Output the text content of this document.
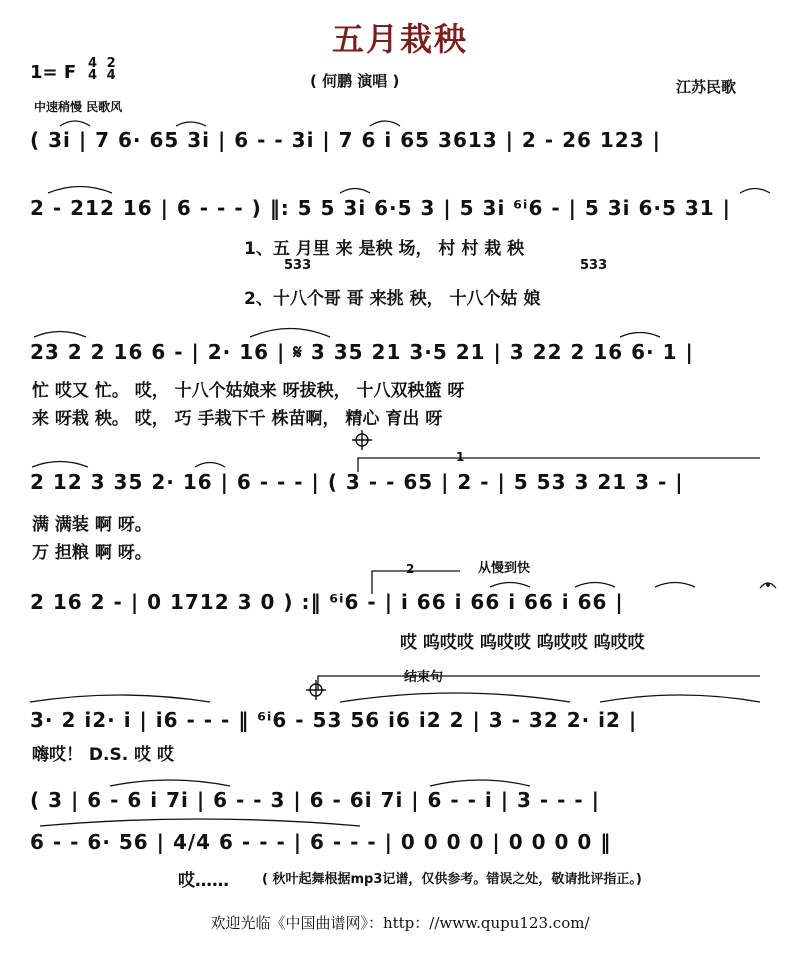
五月栽秧
1= F 4
4

2
4	( 何鹏 演唱 )	江苏民歌
中速稍慢 民歌风
( 3i | 7 6· 65 3i | 6 - - 3i | 7 6 i 65 3613 | 2 - 26 123 |
2 - 212 16 | 6 - - - ) ‖: 5 5 3i 6·5 3 | 5 3i ⁶ⁱ6 - | 5 3i 6·5 31 |
1、五 月里 来 是秧 场， 村 村 栽 秧
533	533
2、十八个哥 哥 来挑 秧， 十八个姑 娘
23 2 2 16 6 - | 2· 16 | 𝄋 3 35 21 3·5 21 | 3 22 2 16 6· 1 |
忙 哎又 忙。 哎， 十八个姑娘来 呀拔秧， 十八双秧篮 呀
来 呀栽 秧。 哎， 巧 手栽下千 株苗啊， 精心 育出 呀
1
2 12 3 35 2· 16 | 6 - - - | ( 3 - - 65 | 2 - | 5 53 3 21 3 - |
满 满装 啊 呀。
万 担粮 啊 呀。
2	从慢到快
2 16 2 - | 0 1712 3 0 ) :‖ ⁶ⁱ6 - | i 66 i 66 i 66 i 66 |
哎 呜哎哎 呜哎哎 呜哎哎 呜哎哎
结束句
3· 2 i2· i | i6 - - - ‖ ⁶ⁱ6 - 53 56 i6 i2 2 | 3 - 32 2· i2 |
嗨哎！ D.S. 哎 哎
( 3 | 6 - 6 i 7i | 6 - - 3 | 6 - 6i 7i | 6 - - i | 3 - - - |
6 - - 6· 56 | 4/4 6 - - - | 6 - - - | 0 0 0 0 | 0 0 0 0 ‖
哎……	( 秋叶起舞根据mp3记谱，仅供参考。错误之处，敬请批评指正。)
欢迎光临《中国曲谱网》：http：//www.qupu123.com/
